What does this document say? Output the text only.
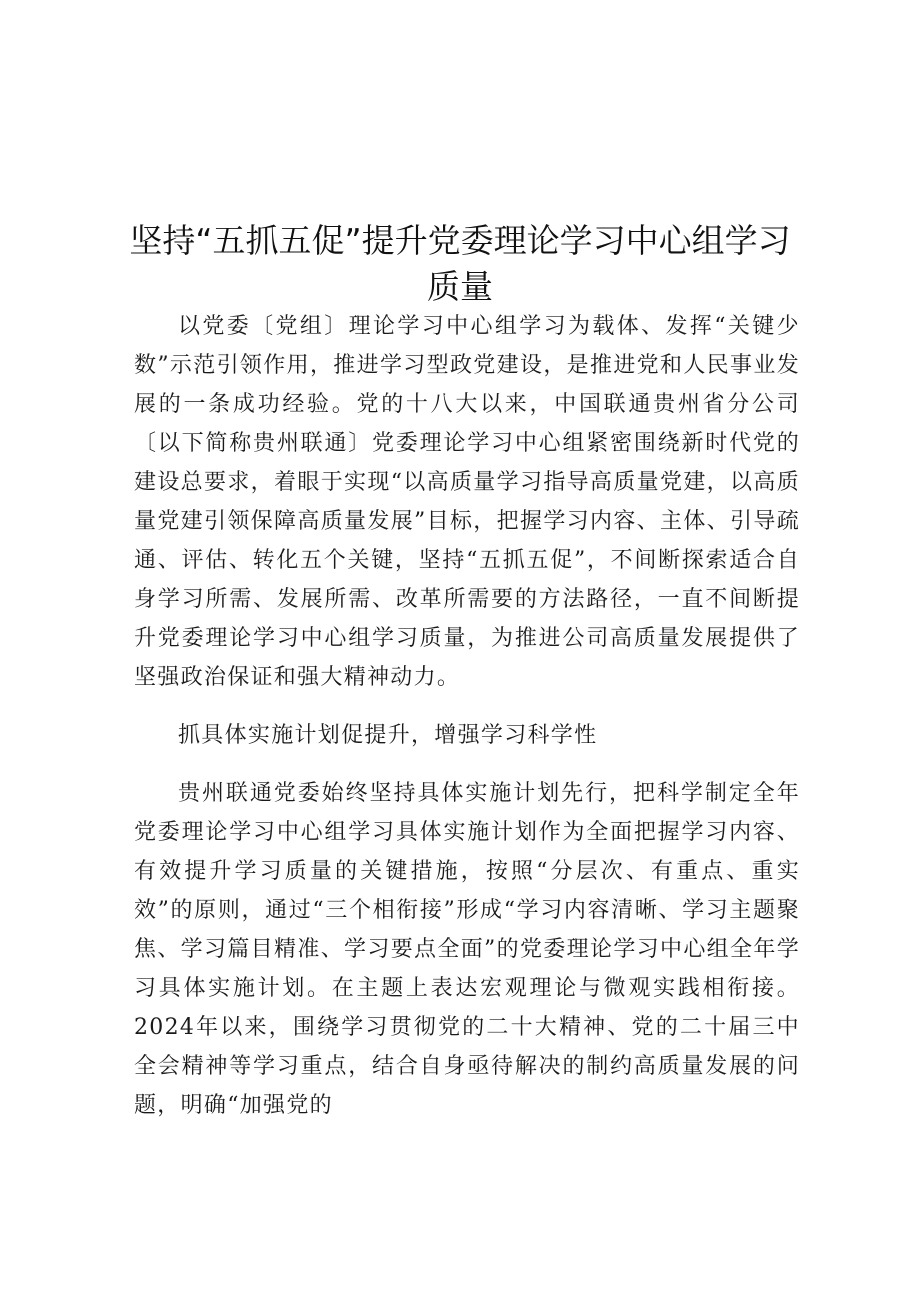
坚持“五抓五促”提升党委理论学习中心组学习质量

以党委〔党组〕理论学习中心组学习为载体、发挥“关键少数”示范引领作用，推进学习型政党建设，是推进党和人民事业发展的一条成功经验。党的十八大以来，中国联通贵州省分公司〔以下简称贵州联通〕党委理论学习中心组紧密围绕新时代党的建设总要求，着眼于实现“以高质量学习指导高质量党建，以高质量党建引领保障高质量发展”目标，把握学习内容、主体、引导疏通、评估、转化五个关键，坚持“五抓五促”，不间断探索适合自身学习所需、发展所需、改革所需要的方法路径，一直不间断提升党委理论学习中心组学习质量，为推进公司高质量发展提供了坚强政治保证和强大精神动力。

抓具体实施计划促提升，增强学习科学性

贵州联通党委始终坚持具体实施计划先行，把科学制定全年党委理论学习中心组学习具体实施计划作为全面把握学习内容、有效提升学习质量的关键措施，按照“分层次、有重点、重实效”的原则，通过“三个相衔接”形成“学习内容清晰、学习主题聚焦、学习篇目精准、学习要点全面”的党委理论学习中心组全年学习具体实施计划。在主题上表达宏观理论与微观实践相衔接。2024年以来，围绕学习贯彻党的二十大精神、党的二十届三中全会精神等学习重点，结合自身亟待解决的制约高质量发展的问题，明确“加强党的
